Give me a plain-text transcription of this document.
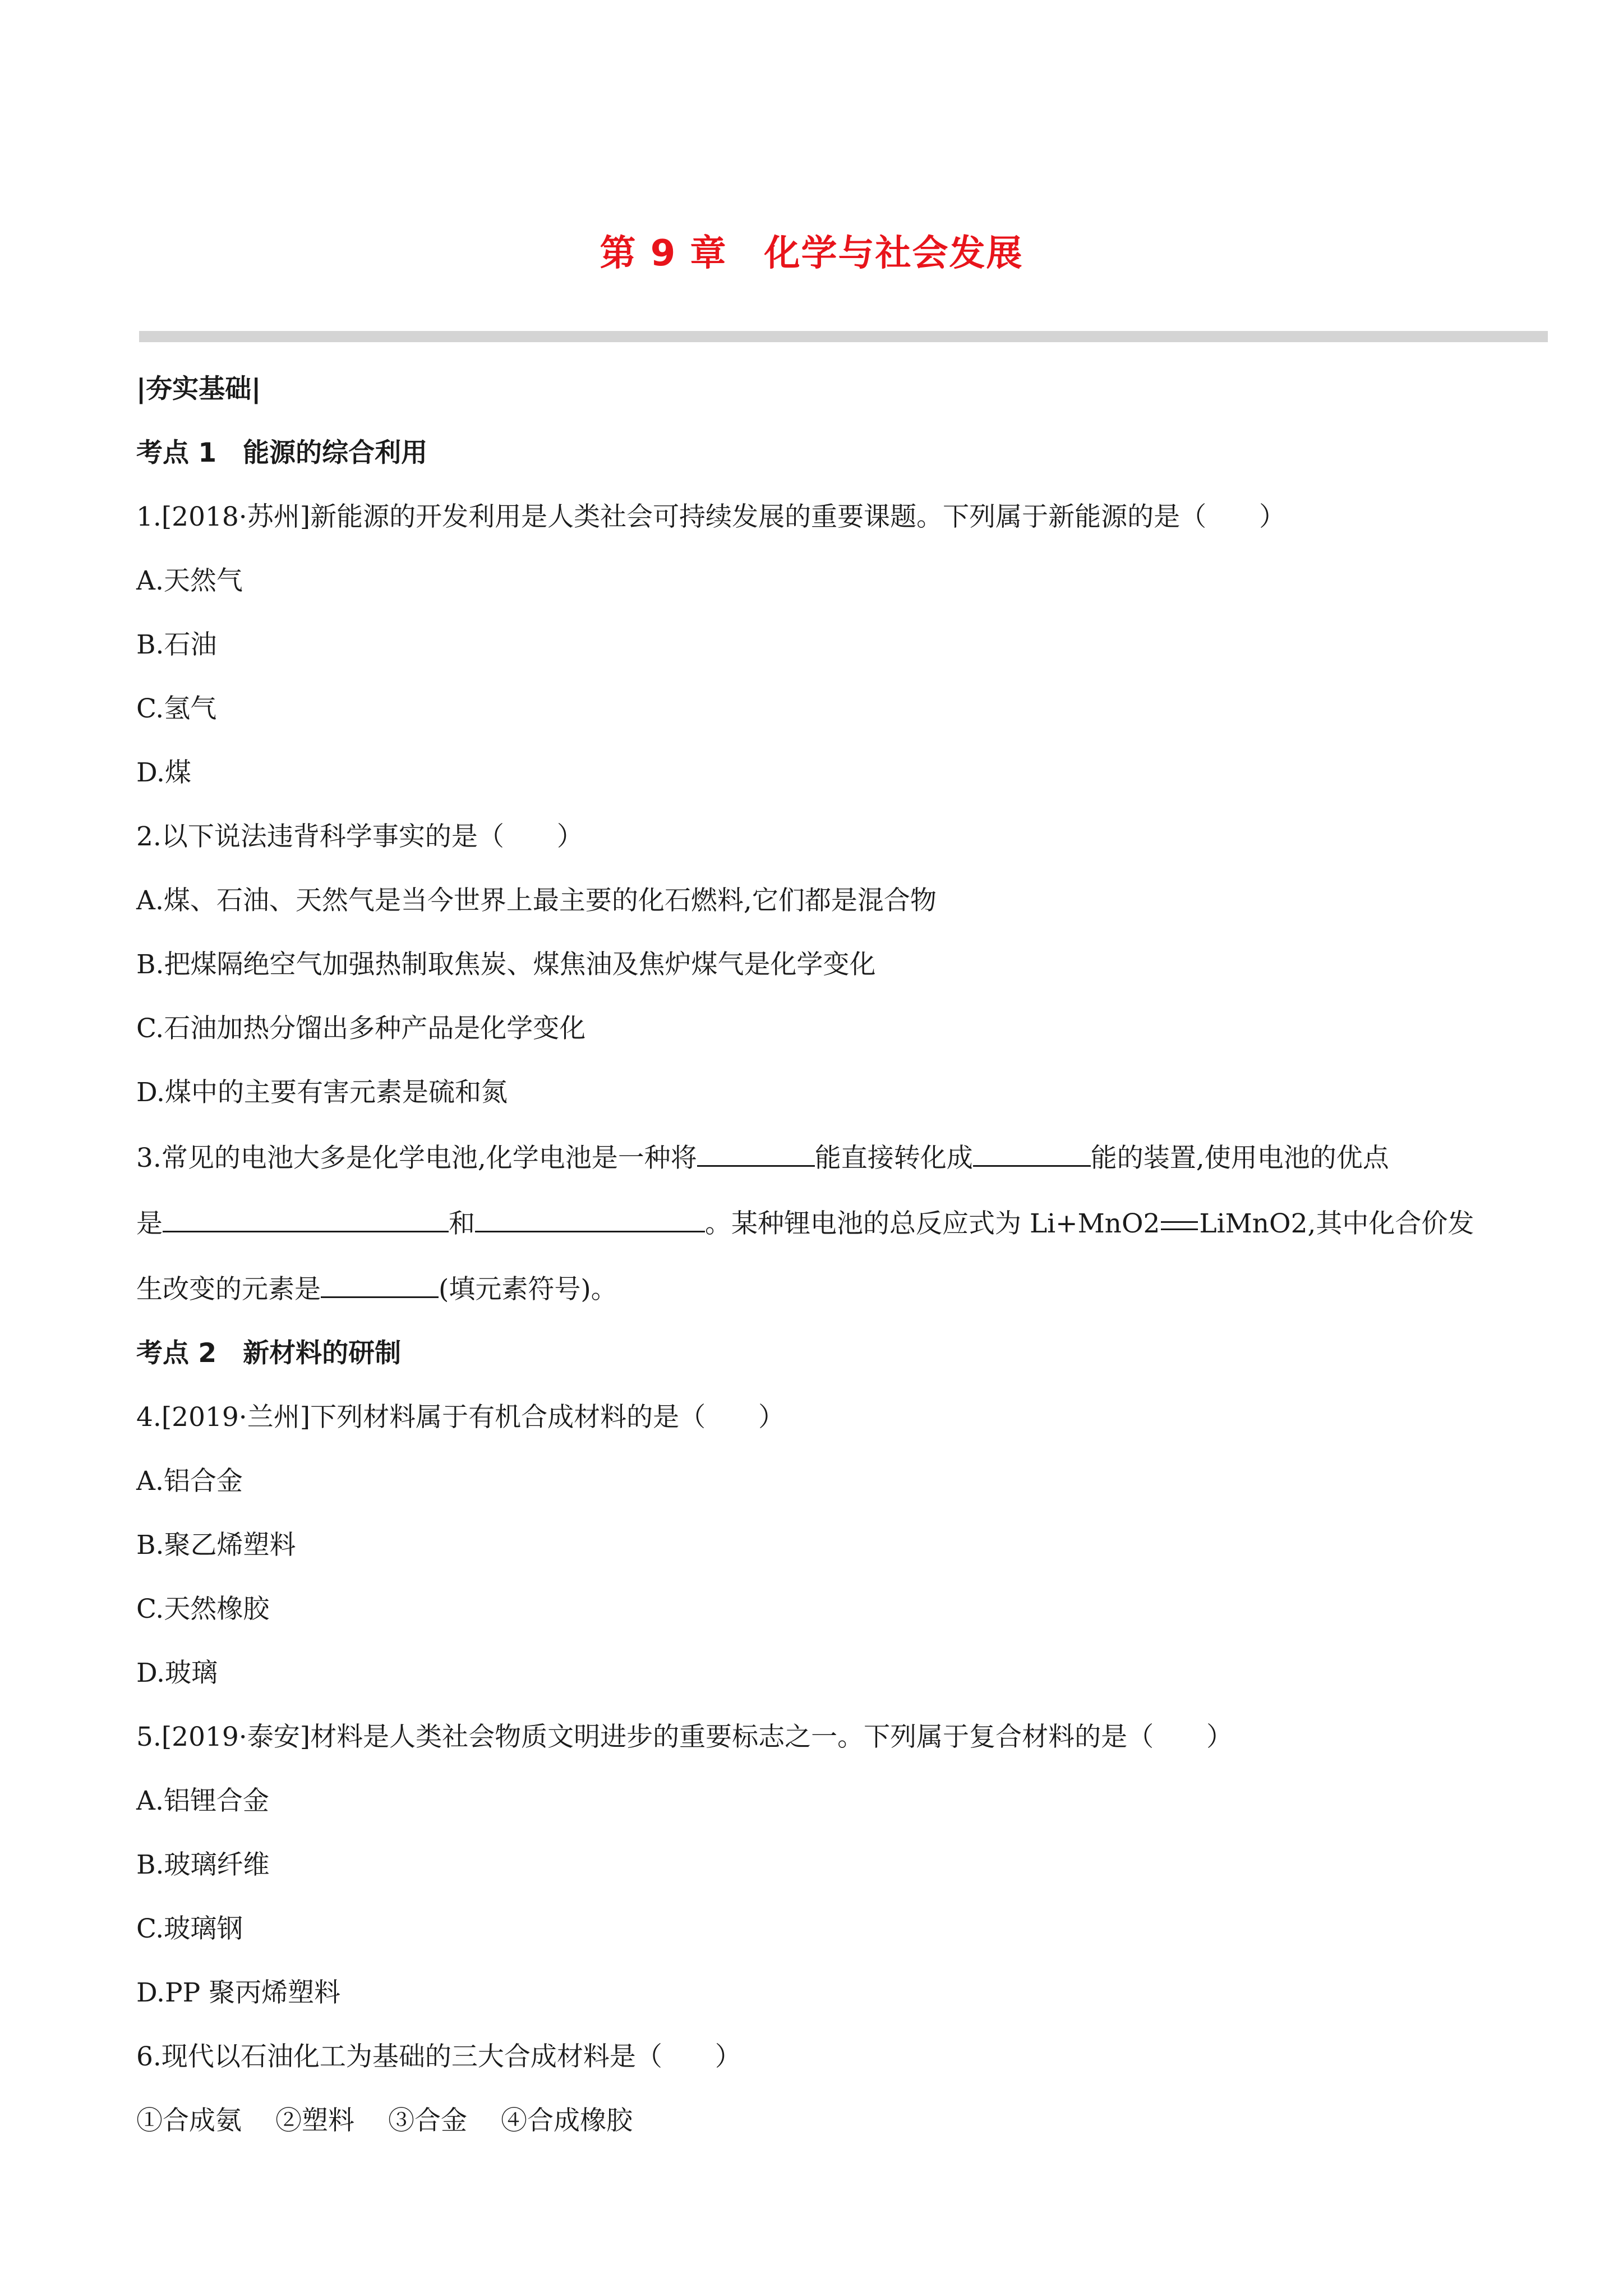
第 9 章　化学与社会发展
|夯实基础|
考点 1　能源的综合利用
1.[2018·苏州]新能源的开发利用是人类社会可持续发展的重要课题。下列属于新能源的是（　　）
A.天然气
B.石油
C.氢气
D.煤
2.以下说法违背科学事实的是（　　）
A.煤、石油、天然气是当今世界上最主要的化石燃料,它们都是混合物
B.把煤隔绝空气加强热制取焦炭、煤焦油及焦炉煤气是化学变化
C.石油加热分馏出多种产品是化学变化
D.煤中的主要有害元素是硫和氮
3.常见的电池大多是化学电池,化学电池是一种将	能直接转化成	能的装置,使用电池的优点
是	和	。某种锂电池的总反应式为 Li+MnO2 LiMnO2,其中化合价发
生改变的元素是	(填元素符号)。
考点 2　新材料的研制
4.[2019·兰州]下列材料属于有机合成材料的是（　　）
A.铝合金
B.聚乙烯塑料
C.天然橡胶
D.玻璃
5.[2019·泰安]材料是人类社会物质文明进步的重要标志之一。下列属于复合材料的是（　　）
A.铝锂合金
B.玻璃纤维
C.玻璃钢
D.PP 聚丙烯塑料
6.现代以石油化工为基础的三大合成材料是（　　）
①合成氨 ②塑料 ③合金 ④合成橡胶
